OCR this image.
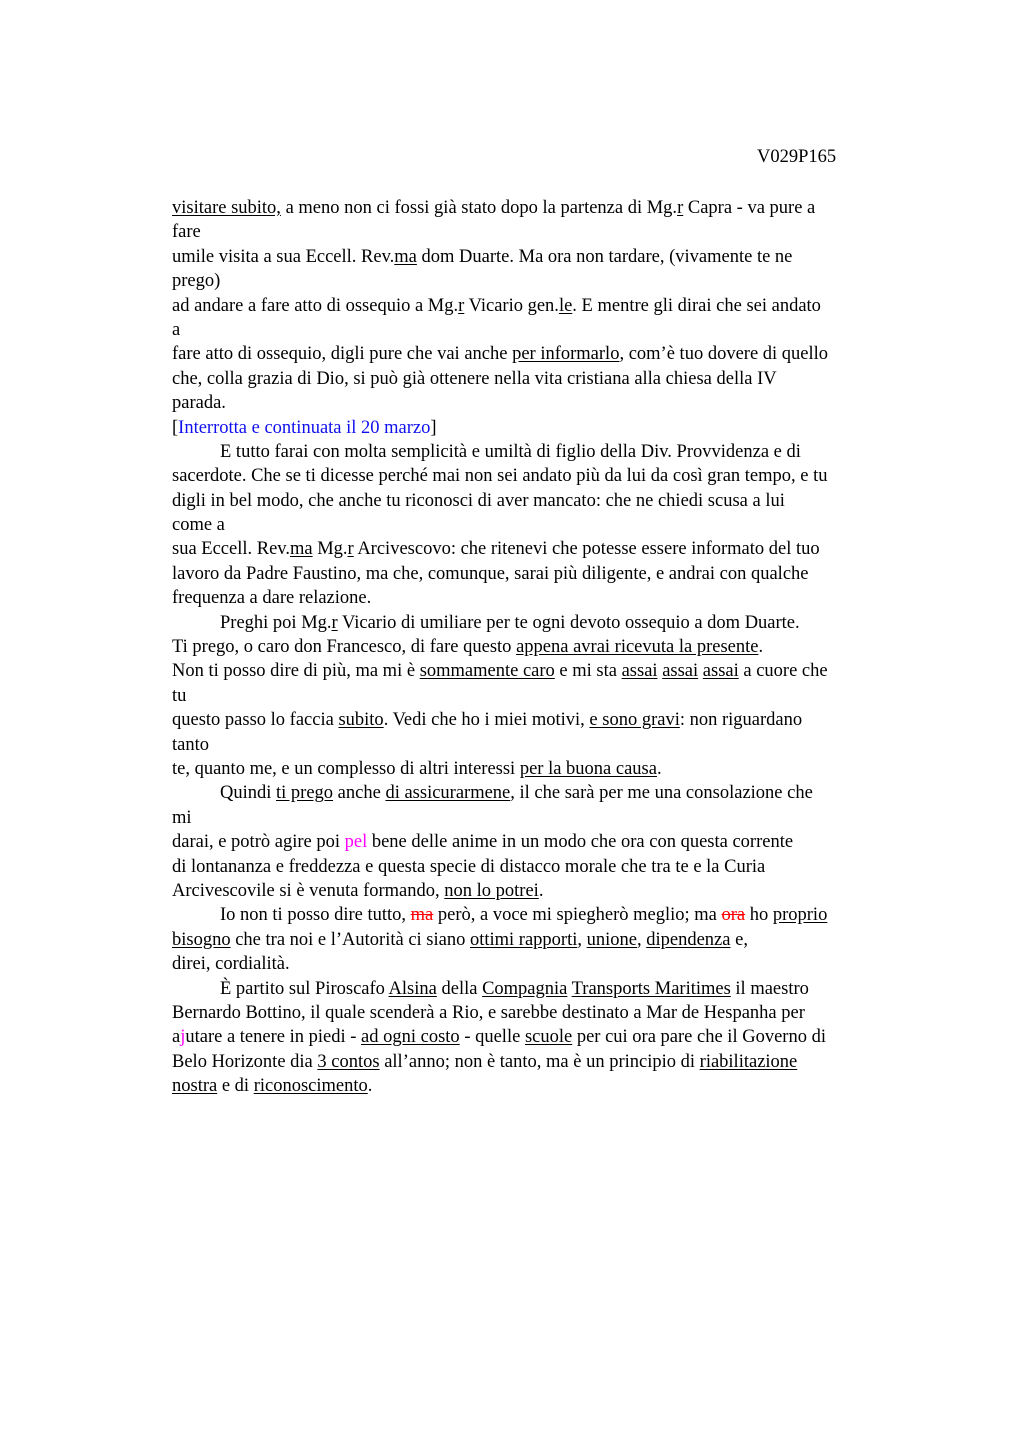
V029P165
visitare subito, a meno non ci fossi già stato dopo la partenza di Mg.r Capra - va pure a
fare
umile visita a sua Eccell. Rev.ma dom Duarte. Ma ora non tardare, (vivamente te ne
prego)
ad andare a fare atto di ossequio a Mg.r Vicario gen.le. E mentre gli dirai che sei andato
a
fare atto di ossequio, digli pure che vai anche per informarlo, com’è tuo dovere di quello
che, colla grazia di Dio, si può già ottenere nella vita cristiana alla chiesa della IV
parada.
[Interrotta e continuata il 20 marzo]
E tutto farai con molta semplicità e umiltà di figlio della Div. Provvidenza e di
sacerdote. Che se ti dicesse perché mai non sei andato più da lui da così gran tempo, e tu
digli in bel modo, che anche tu riconosci di aver mancato: che ne chiedi scusa a lui
come a
sua Eccell. Rev.ma Mg.r Arcivescovo: che ritenevi che potesse essere informato del tuo
lavoro da Padre Faustino, ma che, comunque, sarai più diligente, e andrai con qualche
frequenza a dare relazione.
Preghi poi Mg.r Vicario di umiliare per te ogni devoto ossequio a dom Duarte.
Ti prego, o caro don Francesco, di fare questo appena avrai ricevuta la presente.
Non ti posso dire di più, ma mi è sommamente caro e mi sta assai assai assai a cuore che
tu
questo passo lo faccia subito. Vedi che ho i miei motivi, e sono gravi: non riguardano
tanto
te, quanto me, e un complesso di altri interessi per la buona causa.
Quindi ti prego anche di assicurarmene, il che sarà per me una consolazione che
mi
darai, e potrò agire poi pel bene delle anime in un modo che ora con questa corrente
di lontananza e freddezza e questa specie di distacco morale che tra te e la Curia
Arcivescovile si è venuta formando, non lo potrei.
Io non ti posso dire tutto, ma però, a voce mi spiegherò meglio; ma ora ho proprio
bisogno che tra noi e l’Autorità ci siano ottimi rapporti, unione, dipendenza e,
direi, cordialità.
È partito sul Piroscafo Alsina della Compagnia Transports Maritimes il maestro
Bernardo Bottino, il quale scenderà a Rio, e sarebbe destinato a Mar de Hespanha per
ajutare a tenere in piedi - ad ogni costo - quelle scuole per cui ora pare che il Governo di
Belo Horizonte dia 3 contos all’anno; non è tanto, ma è un principio di riabilitazione
nostra e di riconoscimento.
